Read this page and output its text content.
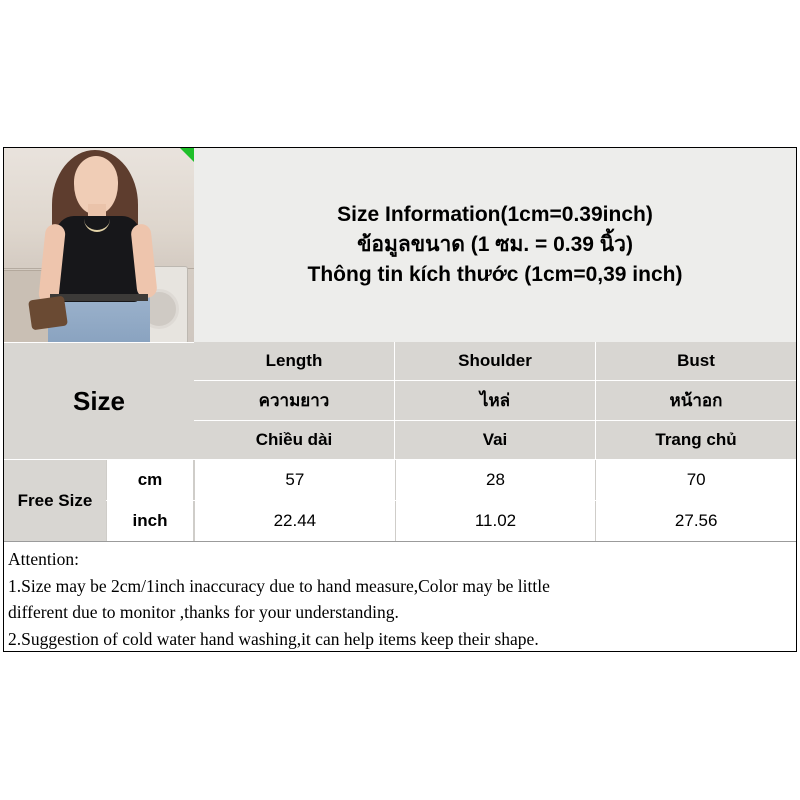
Size Information(1cm=0.39inch)
ข้อมูลขนาด (1 ซม. = 0.39 นิ้ว)
Thông tin kích thước (1cm=0,39 inch)
Size
Length	Shoulder	Bust
ความยาว	ไหล่	หน้าอก
Chiều dài	Vai	Trang chủ
Free Size
cm	57	28	70
inch	22.44	11.02	27.56
Attention:
1.Size may be 2cm/1inch inaccuracy due to hand measure,Color may be little
different due to monitor ,thanks for your understanding.
2.Suggestion of cold water hand washing,it can help items keep their shape.
